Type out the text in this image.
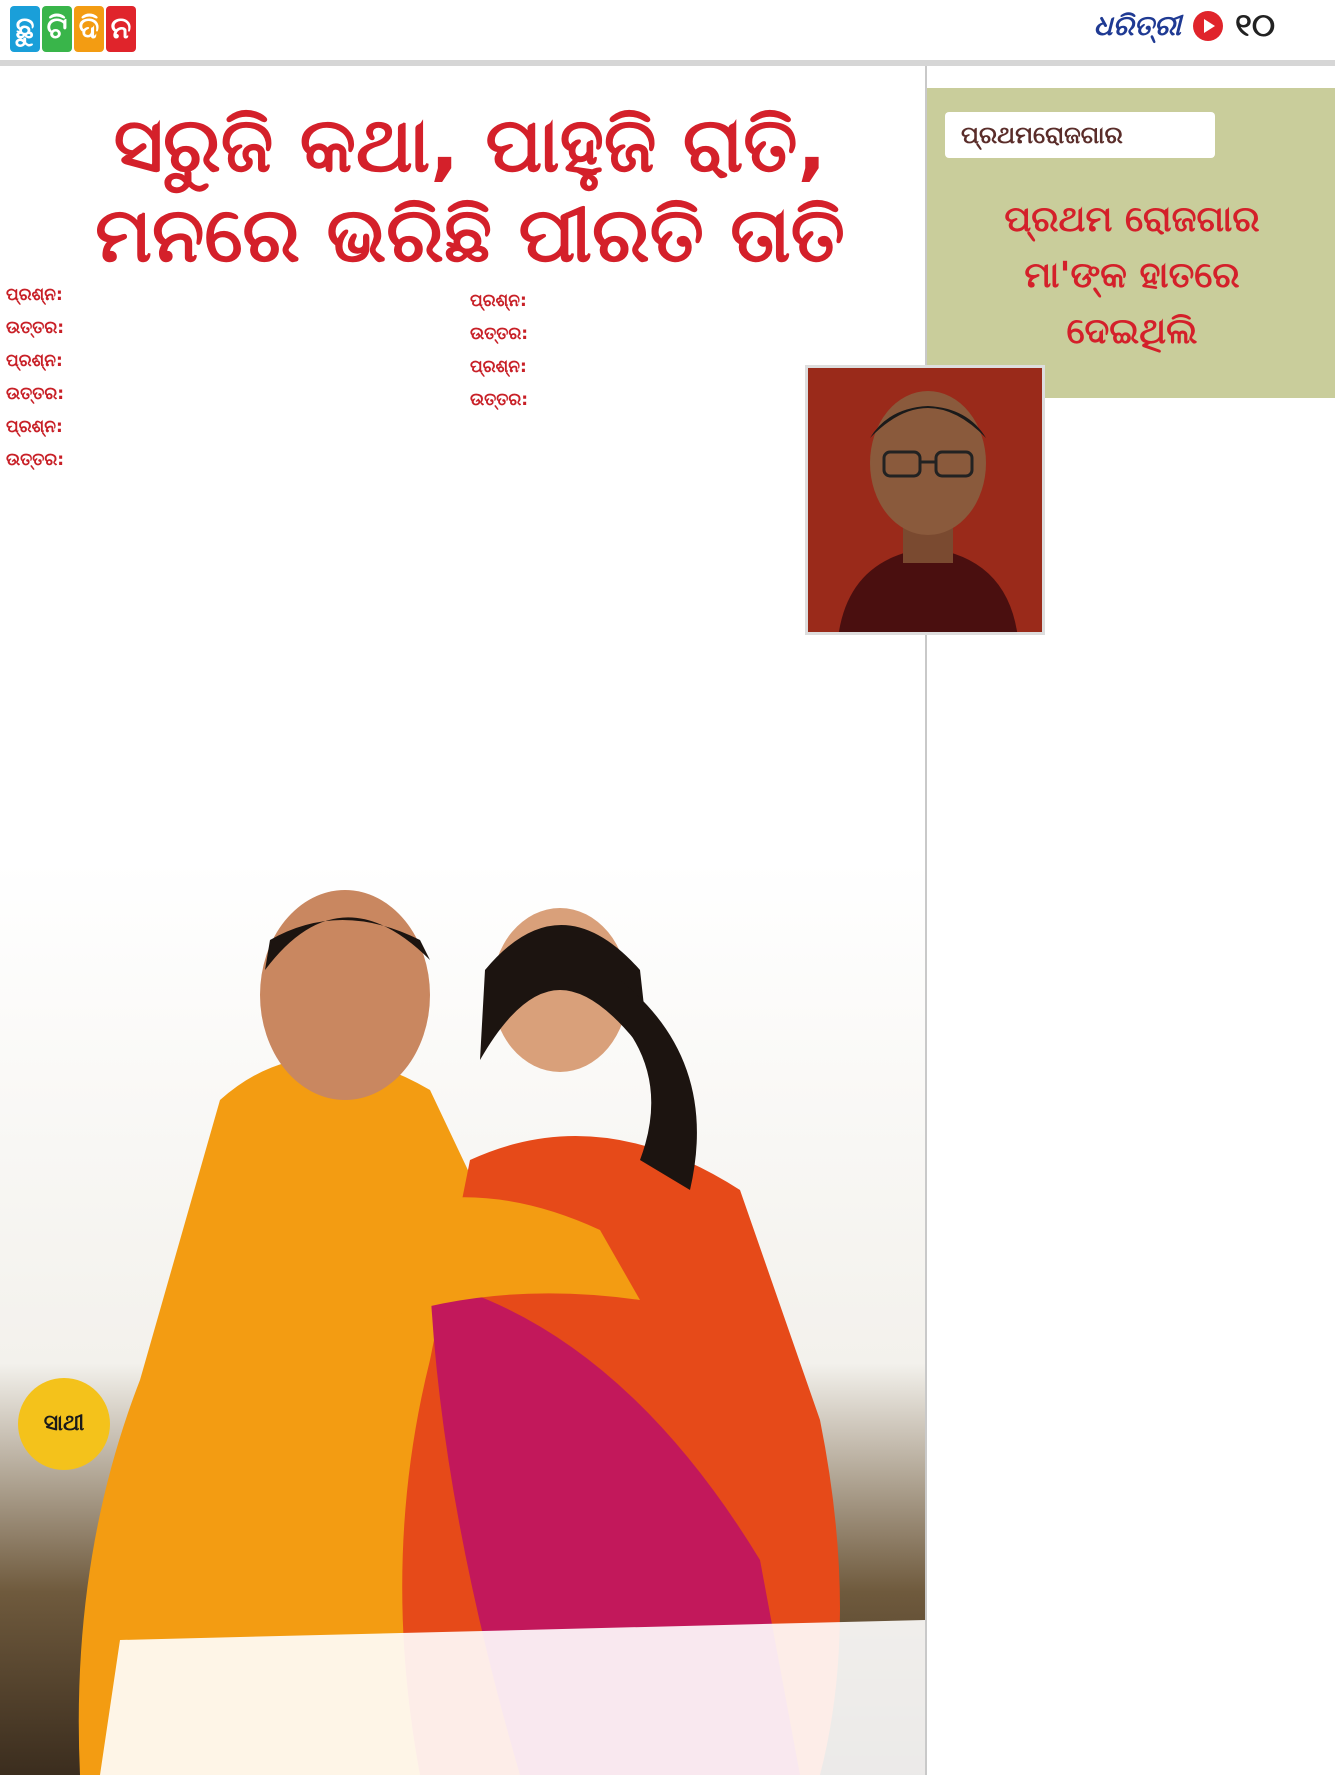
ଛୁ ଟି ଦି ନ	ଧରିତ୍ରୀ ୧୦
ସରୁଜି କଥା, ପାହୁଜି ରାତି,
ମନରେ ଭରିଛି ପୀରତି ତାତି

ପ୍ରଶ୍ନ:

ଉତ୍ତର:

ପ୍ରଶ୍ନ:

ଉତ୍ତର:

ପ୍ରଶ୍ନ:

ଉତ୍ତର:

ପ୍ରଶ୍ନ:

ଉତ୍ତର:

ପ୍ରଶ୍ନ:

ଉତ୍ତର:

ସାଥୀ
ପ୍ରଥମରୋଜଗାର
ପ୍ରଥମ ରୋଜଗାର
ମା'ଙ୍କ ହାତରେ
ଦେଇଥିଲି
